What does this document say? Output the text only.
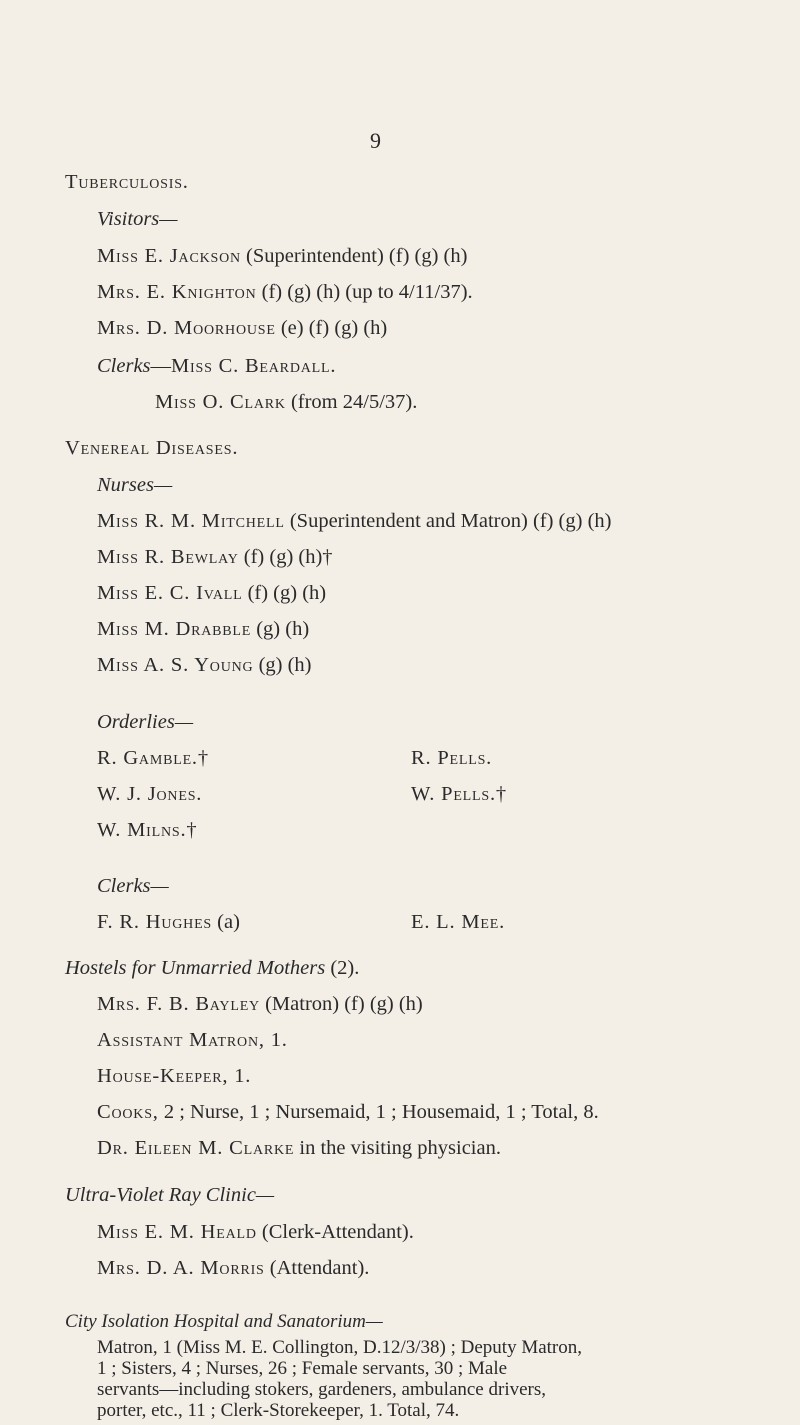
9
Tuberculosis.
Visitors—
Miss E. Jackson (Superintendent) (f) (g) (h)
Mrs. E. Knighton (f) (g) (h) (up to 4/11/37).
Mrs. D. Moorhouse (e) (f) (g) (h)
Clerks—Miss C. Beardall.
Miss O. Clark (from 24/5/37).
Venereal Diseases.
Nurses—
Miss R. M. Mitchell (Superintendent and Matron) (f) (g) (h)
Miss R. Bewlay (f) (g) (h)†
Miss E. C. Ivall (f) (g) (h)
Miss M. Drabble (g) (h)
Miss A. S. Young (g) (h)
Orderlies—
R. Gamble.†
W. J. Jones.
W. Milns.†
R. Pells.
W. Pells.†
Clerks—
F. R. Hughes (a)	E. L. Mee.
Hostels for Unmarried Mothers (2).
Mrs. F. B. Bayley (Matron) (f) (g) (h)
Assistant Matron, 1.
House-Keeper, 1.
Cooks, 2 ; Nurse, 1 ; Nursemaid, 1 ; Housemaid, 1 ; Total, 8.
Dr. Eileen M. Clarke in the visiting physician.
Ultra-Violet Ray Clinic—
Miss E. M. Heald (Clerk-Attendant).
Mrs. D. A. Morris (Attendant).
City Isolation Hospital and Sanatorium—
Matron, 1 (Miss M. E. Collington, D.12/3/38) ; Deputy Matron,
1 ; Sisters, 4 ; Nurses, 26 ; Female servants, 30 ; Male
servants—including stokers, gardeners, ambulance drivers,
porter, etc., 11 ; Clerk-Storekeeper, 1. Total, 74.
